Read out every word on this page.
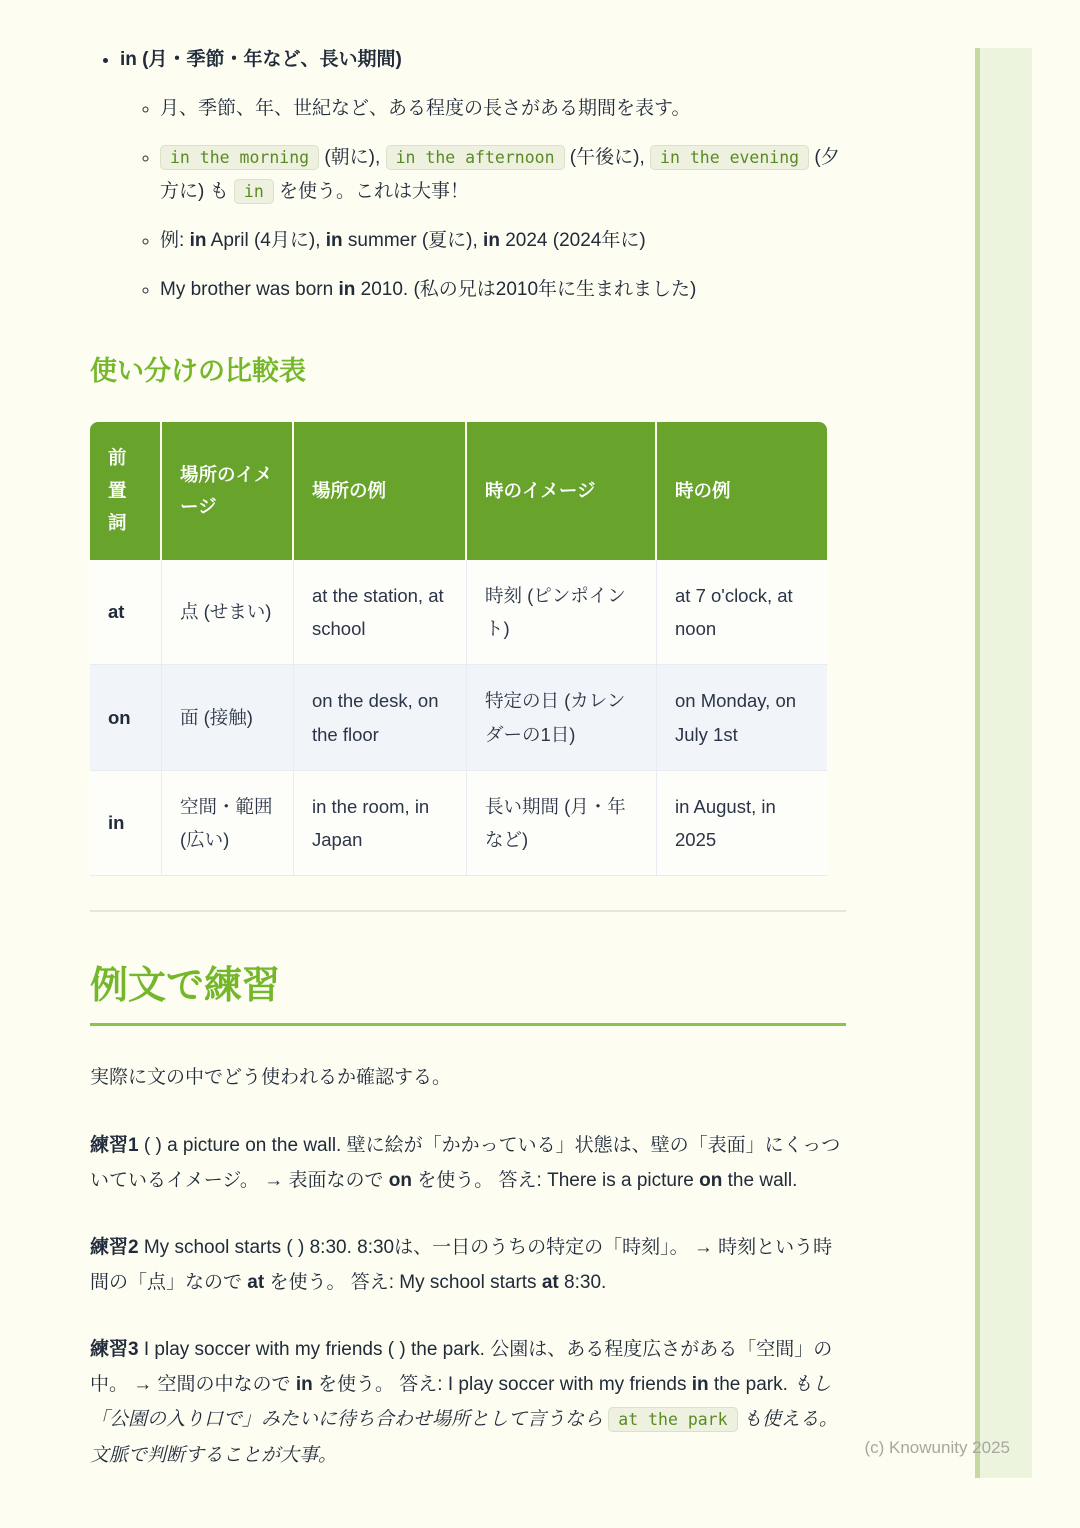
• in (月・季節・年など、長い期間)
◦ 月、季節、年、世紀など、ある程度の長さがある期間を表す。
◦ in the morning (朝に), in the afternoon (午後に), in the evening (夕方に) も in を使う。これは大事！
◦ 例: in April (4月に), in summer (夏に), in 2024 (2024年に)
◦ My brother was born in 2010. (私の兄は2010年に生まれました)
使い分けの比較表
前置詞	場所のイメージ	場所の例	時のイメージ	時の例
at	点 (せまい)	at the station, at school	時刻 (ピンポイント)	at 7 o'clock, at noon
on	面 (接触)	on the desk, on the floor	特定の日 (カレンダーの1日)	on Monday, on July 1st
in	空間・範囲 (広い)	in the room, in Japan	長い期間 (月・年など)	in August, in 2025
例文で練習

実際に文の中でどう使われるか確認する。

練習1 ( ) a picture on the wall. 壁に絵が「かかっている」状態は、壁の「表面」にくっついているイメージ。 → 表面なので on を使う。 答え: There is a picture on the wall.

練習2 My school starts ( ) 8:30. 8:30は、一日のうちの特定の「時刻」。 → 時刻という時間の「点」なので at を使う。 答え: My school starts at 8:30.

練習3 I play soccer with my friends ( ) the park. 公園は、ある程度広さがある「空間」の中。 → 空間の中なので in を使う。 答え: I play soccer with my friends in the park. もし「公園の入り口で」みたいに待ち合わせ場所として言うなら at the park も使える。文脈で判断することが大事。	(c) Knowunity 2025
